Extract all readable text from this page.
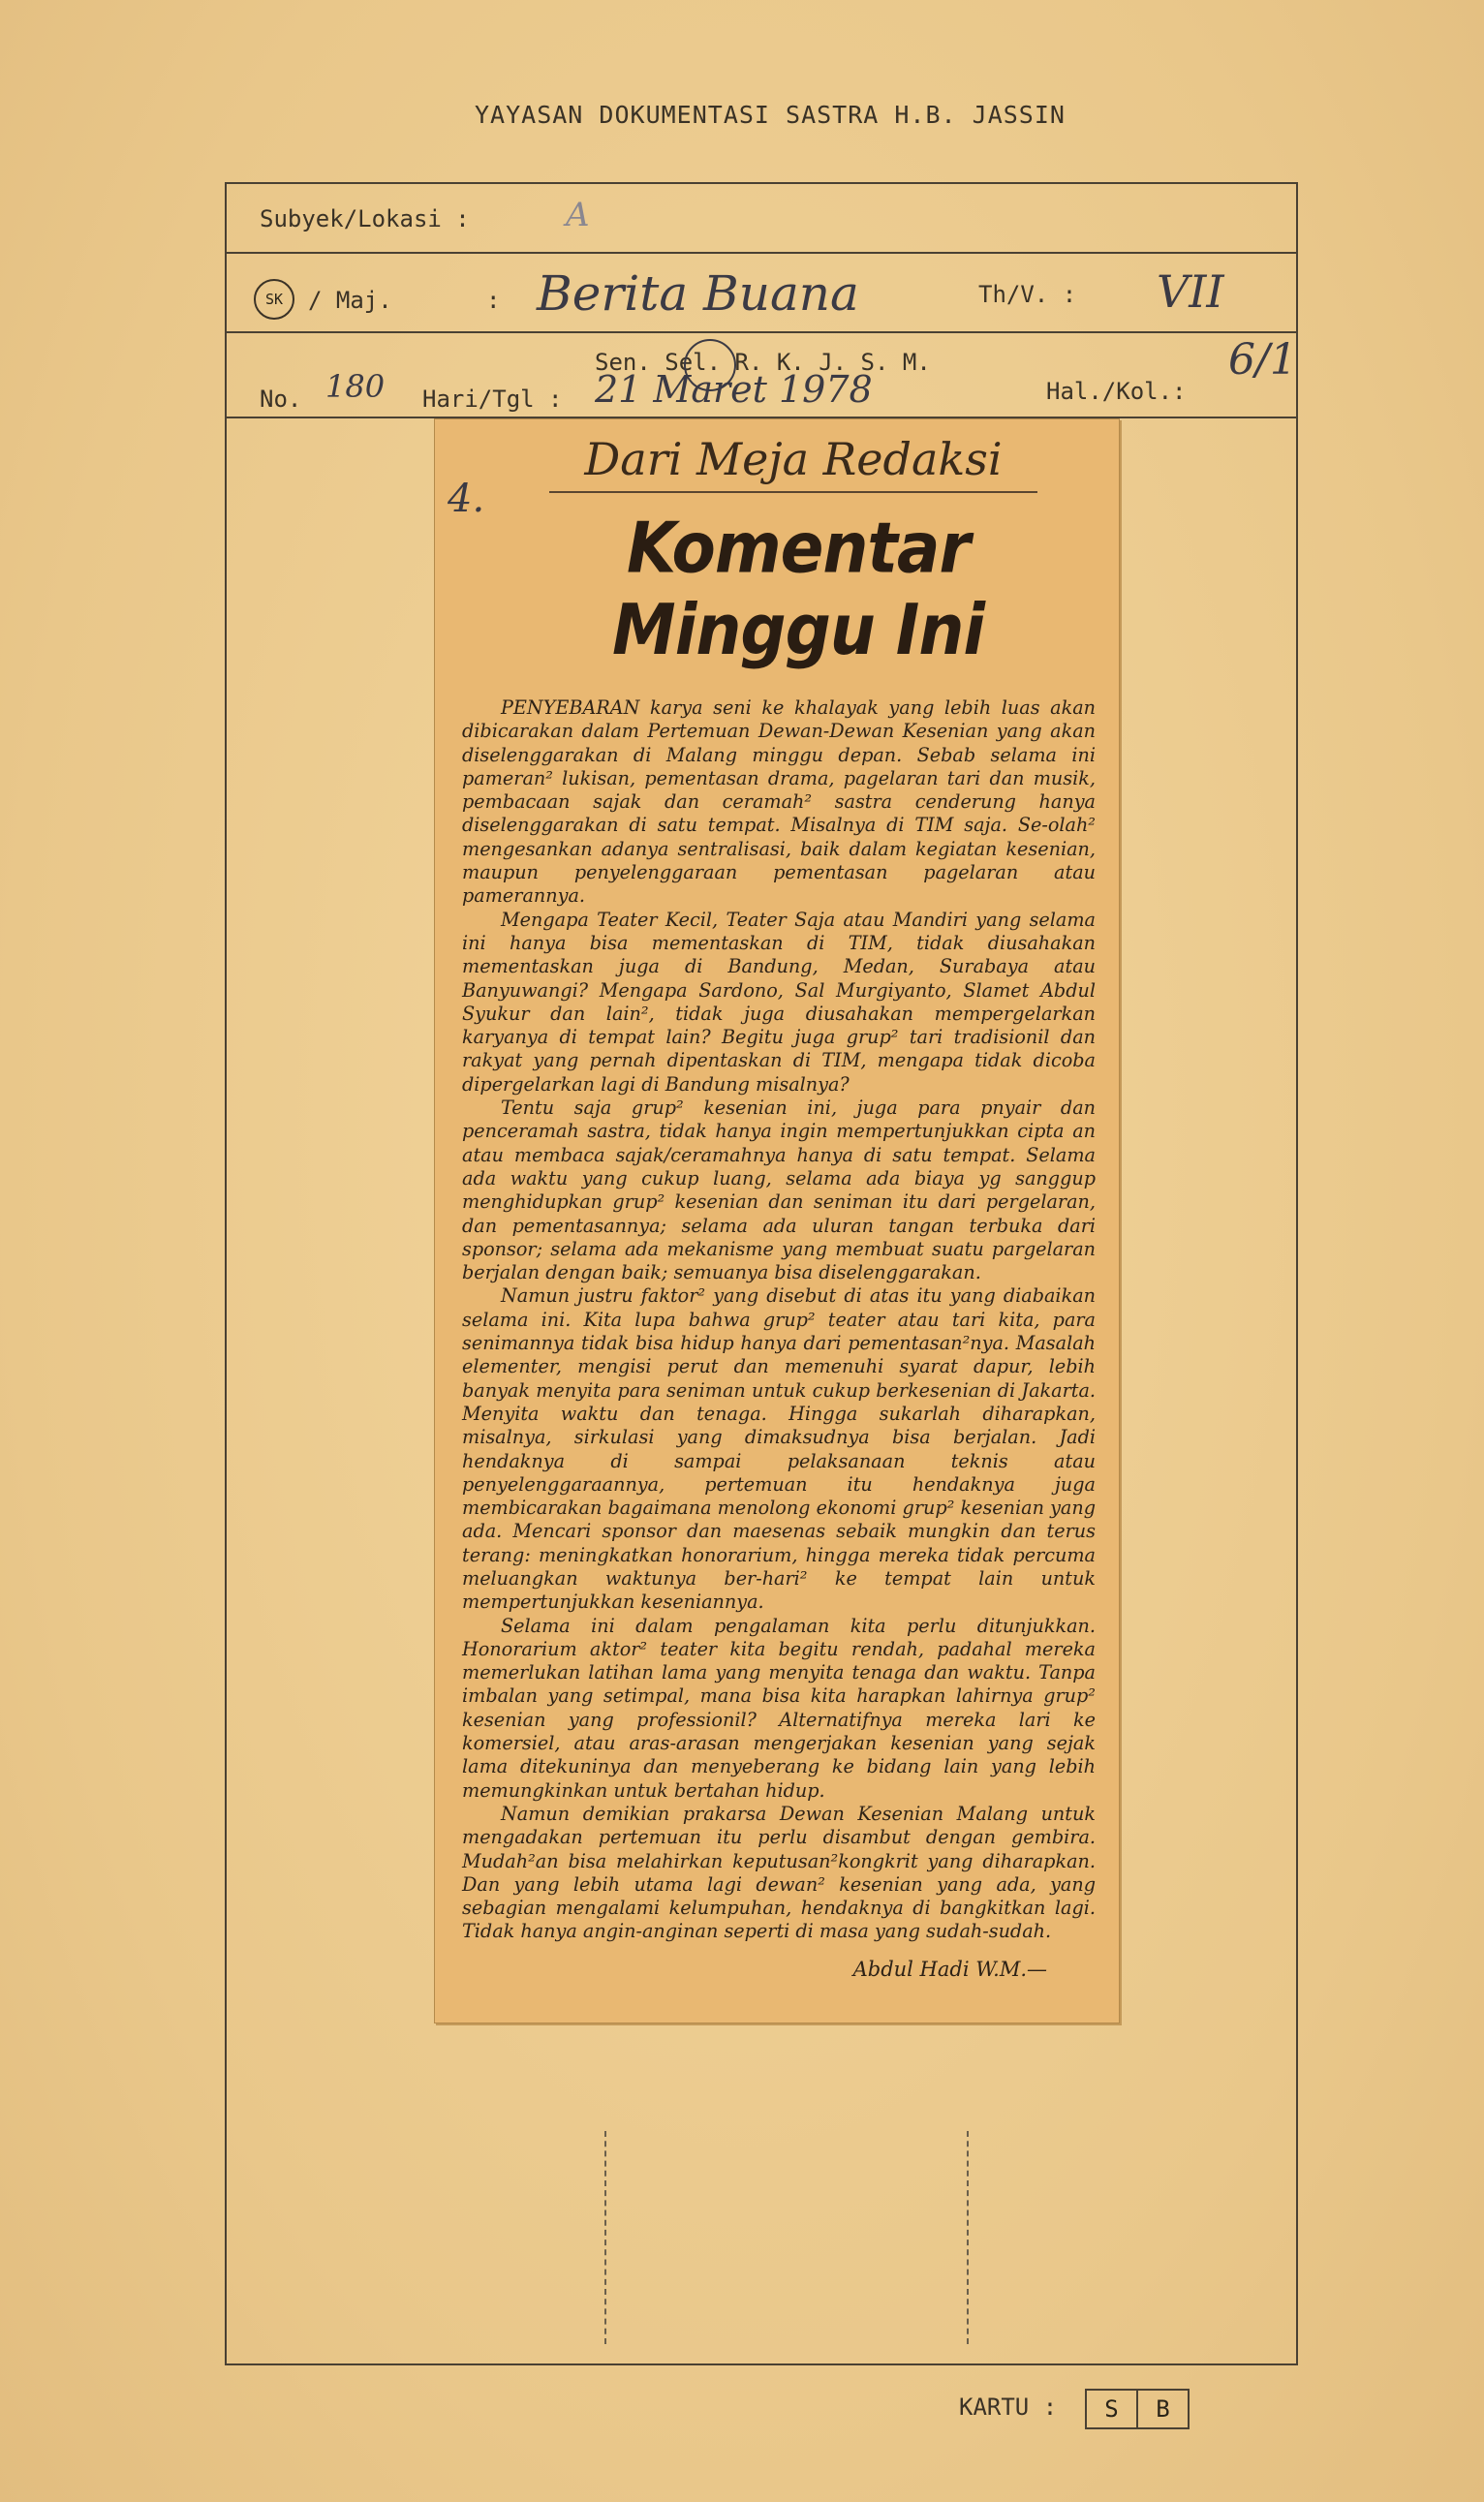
YAYASAN DOKUMENTASI SASTRA H.B. JASSIN
Subyek/Lokasi :	A
/ Maj.	: Berita Buana	Th/V. : VII
Sen. Sel. R. K. J. S. M.
No. 180 Hari/Tgl : 21 Maret 1978	Hal./Kol.:
6/1
SK
Dari Meja Redaksi
Komentar Minggu Ini

PENYEBARAN karya seni ke khalayak yang lebih luas akan dibicarakan dalam Pertemuan Dewan-Dewan Kesenian yang akan diselenggarakan di Malang minggu depan. Sebab selama ini pameran² lukisan, pementasan drama, pagelaran tari dan musik, pembacaan sajak dan ceramah² sastra cenderung hanya diselenggarakan di satu tempat. Misalnya di TIM saja. Se-olah² mengesankan adanya sentralisasi, baik dalam kegiatan kesenian, maupun penyelenggaraan pementasan pagelaran atau pamerannya.

Mengapa Teater Kecil, Teater Saja atau Mandiri yang selama ini hanya bisa mementaskan di TIM, tidak diusahakan mementaskan juga di Bandung, Medan, Surabaya atau Banyuwangi? Mengapa Sardono, Sal Murgiyanto, Slamet Abdul Syukur dan lain², tidak juga diusahakan mempergelarkan karyanya di tempat lain? Begitu juga grup² tari tradisionil dan rakyat yang pernah dipentaskan di TIM, mengapa tidak dicoba dipergelarkan lagi di Bandung misalnya?

Tentu saja grup² kesenian ini, juga para pnyair dan penceramah sastra, tidak hanya ingin mempertunjukkan cipta an atau membaca sajak/ceramahnya hanya di satu tempat. Selama ada waktu yang cukup luang, selama ada biaya yg sanggup menghidupkan grup² kesenian dan seniman itu dari pergelaran, dan pementasannya; selama ada uluran tangan terbuka dari sponsor; selama ada mekanisme yang membuat suatu pargelaran berjalan dengan baik; semuanya bisa diselenggarakan.

Namun justru faktor² yang disebut di atas itu yang diabaikan selama ini. Kita lupa bahwa grup² teater atau tari kita, para senimannya tidak bisa hidup hanya dari pementasan²nya. Masalah elementer, mengisi perut dan memenuhi syarat dapur, lebih banyak menyita para seniman untuk cukup berkesenian di Jakarta. Menyita waktu dan tenaga. Hingga sukarlah diharapkan, misalnya, sirkulasi yang dimaksudnya bisa berjalan. Jadi hendaknya di sampai pelaksanaan teknis atau penyelenggaraannya, pertemuan itu hendaknya juga membicarakan bagaimana menolong ekonomi grup² kesenian yang ada. Mencari sponsor dan maesenas sebaik mungkin dan terus terang: meningkatkan honorarium, hingga mereka tidak percuma meluangkan waktunya ber-hari² ke tempat lain untuk mempertunjukkan keseniannya.

Selama ini dalam pengalaman kita perlu ditunjukkan. Honorarium aktor² teater kita begitu rendah, padahal mereka memerlukan latihan lama yang menyita tenaga dan waktu. Tanpa imbalan yang setimpal, mana bisa kita harapkan lahirnya grup² kesenian yang professionil? Alternatifnya mereka lari ke komersiel, atau aras-arasan mengerjakan kesenian yang sejak lama ditekuninya dan menyeberang ke bidang lain yang lebih memungkinkan untuk bertahan hidup.

Namun demikian prakarsa Dewan Kesenian Malang untuk mengadakan pertemuan itu perlu disambut dengan gembira. Mudah²an bisa melahirkan keputusan²kongkrit yang diharapkan. Dan yang lebih utama lagi dewan² kesenian yang ada, yang sebagian mengalami kelumpuhan, hendaknya di bangkitkan lagi. Tidak hanya angin-anginan seperti di masa yang sudah-sudah.

Abdul Hadi W.M.—
4.
KARTU :	S	B
